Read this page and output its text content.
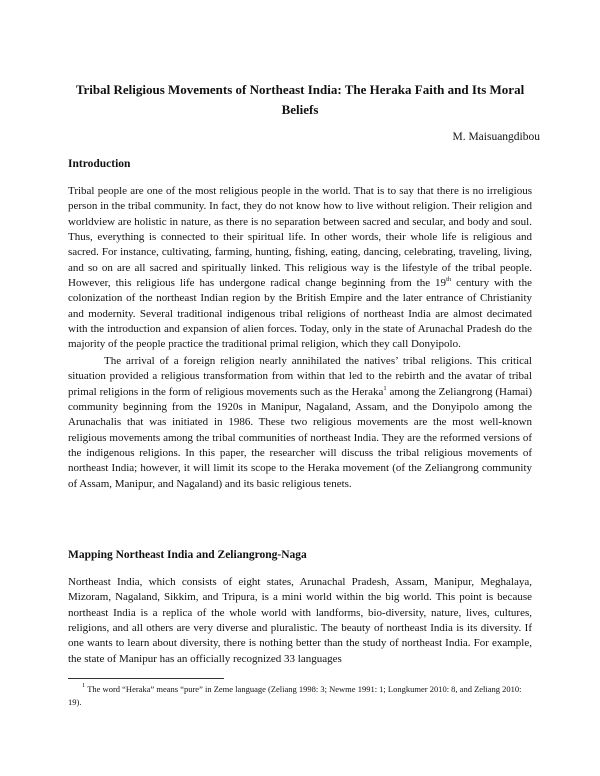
Tribal Religious Movements of Northeast India: The Heraka Faith and Its Moral Beliefs
M. Maisuangdibou
Introduction

Tribal people are one of the most religious people in the world. That is to say that there is no irreligious person in the tribal community. In fact, they do not know how to live without religion. Their religion and worldview are holistic in nature, as there is no separation between sacred and secular, and body and soul. Thus, everything is connected to their spiritual life. In other words, their whole life is religious and sacred. For instance, cultivating, farming, hunting, fishing, eating, dancing, celebrating, traveling, living, and so on are all sacred and spiritually linked. This religious way is the lifestyle of the tribal people. However, this religious life has undergone radical change beginning from the 19th century with the colonization of the northeast Indian region by the British Empire and the later entrance of Christianity and modernity. Several traditional indigenous tribal religions of northeast India are almost decimated with the introduction and expansion of alien forces. Today, only in the state of Arunachal Pradesh do the majority of the people practice the traditional primal religion, which they call Donyipolo.

The arrival of a foreign religion nearly annihilated the natives’ tribal religions. This critical situation provided a religious transformation from within that led to the rebirth and the avatar of tribal primal religions in the form of religious movements such as the Heraka$^1$ among the Zeliangrong (Hamai) community beginning from the 1920s in Manipur, Nagaland, Assam, and the Donyipolo among the Arunachalis that was initiated in 1986. These two religious movements are the most well-known religious movements among the tribal communities of northeast India. They are the reformed versions of the indigenous religions. In this paper, the researcher will discuss the tribal religious movements of northeast India; however, it will limit its scope to the Heraka movement (of the Zeliangrong community of Assam, Manipur, and Nagaland) and its basic religious tenets.

Mapping Northeast India and Zeliangrong-Naga

Northeast India, which consists of eight states, Arunachal Pradesh, Assam, Manipur, Meghalaya, Mizoram, Nagaland, Sikkim, and Tripura, is a mini world within the big world. This point is because northeast India is a replica of the whole world with landforms, bio-diversity, nature, lives, cultures, religions, and all others are very diverse and pluralistic. The beauty of northeast India is its diversity. If one wants to learn about diversity, there is nothing better than the study of northeast India. For example, the state of Manipur has an officially recognized 33 languages

$^1$ The word “Heraka” means “pure” in Zeme language (Zeliang 1998: 3; Newme 1991: 1; Longkumer 2010: 8, and Zeliang 2010: 19).
